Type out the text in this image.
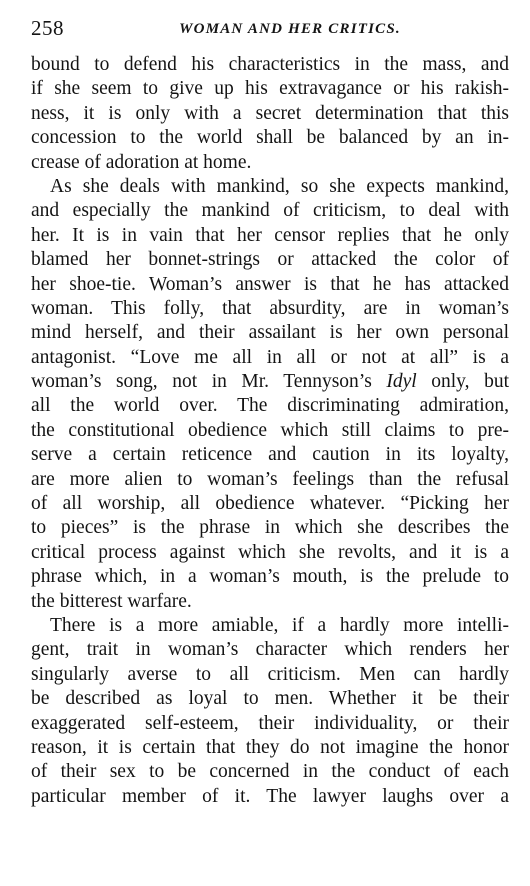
258	WOMAN AND HER CRITICS.
bound to defend his characteristics in the mass, and
if she seem to give up his extravagance or his rakish-
ness, it is only with a secret determination that this
concession to the world shall be balanced by an in-
crease of adoration at home.
As she deals with mankind, so she expects mankind,
and especially the mankind of criticism, to deal with
her. It is in vain that her censor replies that he only
blamed her bonnet-strings or attacked the color of
her shoe-tie. Woman’s answer is that he has attacked
woman. This folly, that absurdity, are in woman’s
mind herself, and their assailant is her own personal
antagonist. “Love me all in all or not at all” is a
woman’s song, not in Mr. Tennyson’s Idyl only, but
all the world over. The discriminating admiration,
the constitutional obedience which still claims to pre-
serve a certain reticence and caution in its loyalty,
are more alien to woman’s feelings than the refusal
of all worship, all obedience whatever. “Picking her
to pieces” is the phrase in which she describes the
critical process against which she revolts, and it is a
phrase which, in a woman’s mouth, is the prelude to
the bitterest warfare.
There is a more amiable, if a hardly more intelli-
gent, trait in woman’s character which renders her
singularly averse to all criticism. Men can hardly
be described as loyal to men. Whether it be their
exaggerated self-esteem, their individuality, or their
reason, it is certain that they do not imagine the honor
of their sex to be concerned in the conduct of each
particular member of it. The lawyer laughs over a
